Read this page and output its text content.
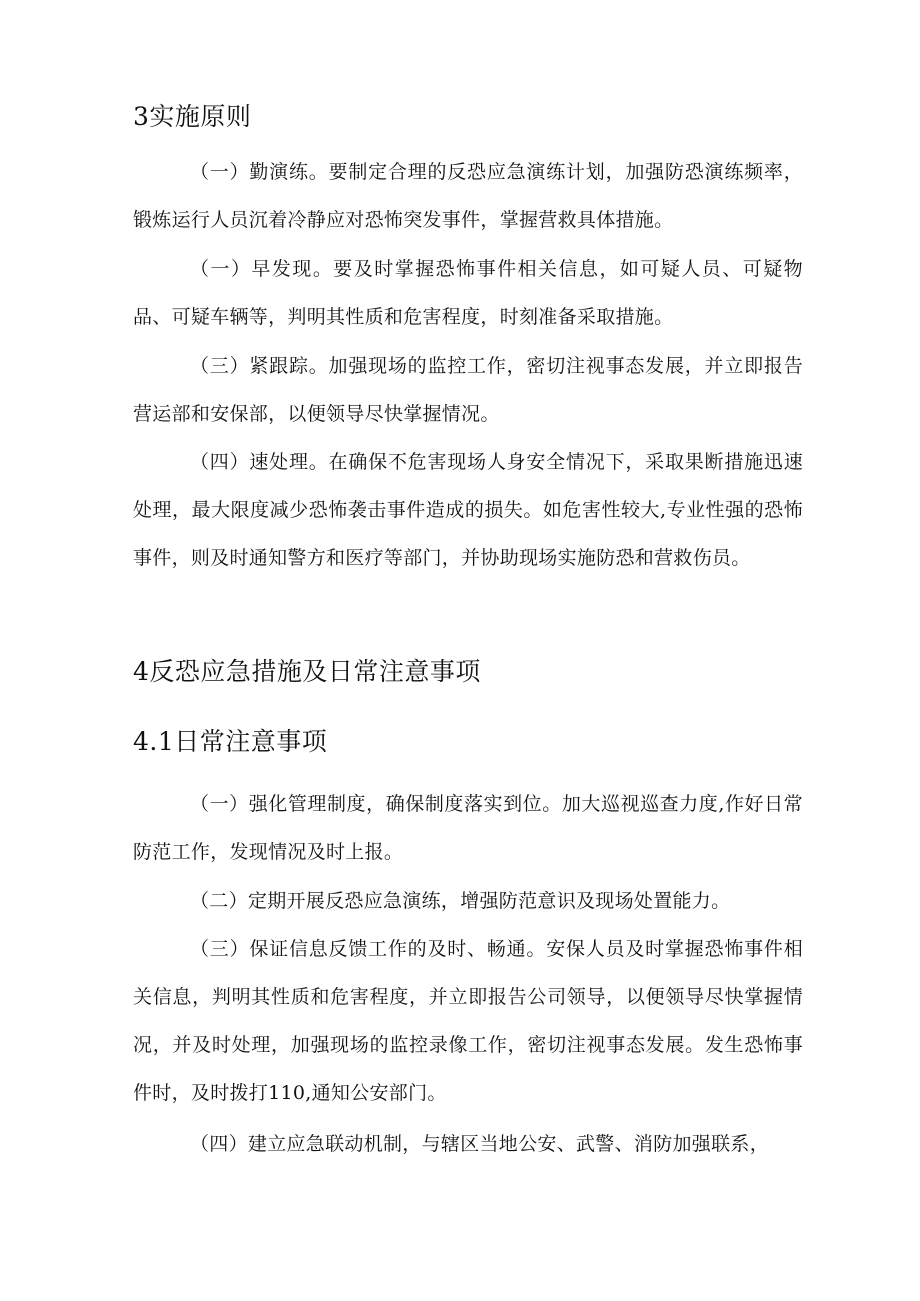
3实施原则
（一）勤演练。要制定合理的反恐应急演练计划，加强防恐演练频率，锻炼运行人员沉着冷静应对恐怖突发事件，掌握营救具体措施。
（一）早发现。要及时掌握恐怖事件相关信息，如可疑人员、可疑物品、可疑车辆等，判明其性质和危害程度，时刻准备采取措施。
（三）紧跟踪。加强现场的监控工作，密切注视事态发展，并立即报告营运部和安保部，以便领导尽快掌握情况。
（四）速处理。在确保不危害现场人身安全情况下，采取果断措施迅速处理，最大限度减少恐怖袭击事件造成的损失。如危害性较大,专业性强的恐怖事件，则及时通知警方和医疗等部门，并协助现场实施防恐和营救伤员。
4反恐应急措施及日常注意事项
4.1日常注意事项
（一）强化管理制度，确保制度落实到位。加大巡视巡查力度,作好日常防范工作，发现情况及时上报。
（二）定期开展反恐应急演练，增强防范意识及现场处置能力。
（三）保证信息反馈工作的及时、畅通。安保人员及时掌握恐怖事件相关信息，判明其性质和危害程度，并立即报告公司领导，以便领导尽快掌握情况，并及时处理，加强现场的监控录像工作，密切注视事态发展。发生恐怖事件时，及时拨打110,通知公安部门。
（四）建立应急联动机制，与辖区当地公安、武警、消防加强联系，
